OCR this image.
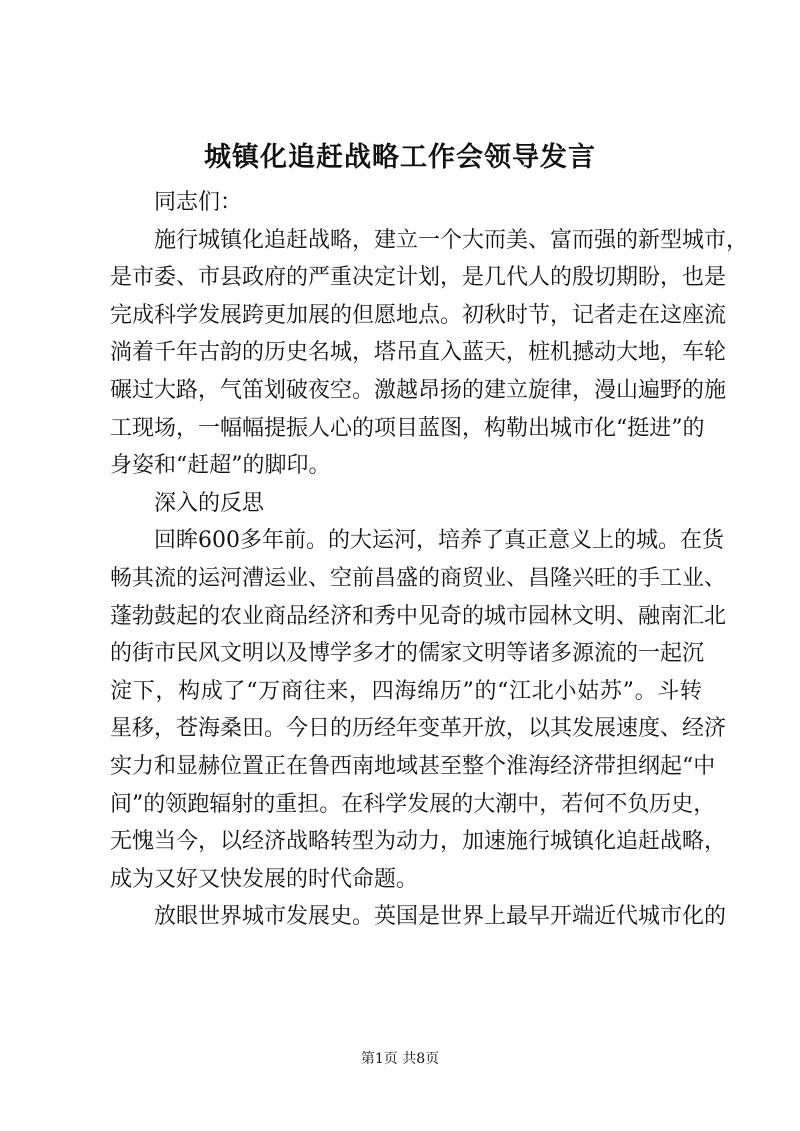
城镇化追赶战略工作会领导发言
同志们：
施行城镇化追赶战略，建立一个大而美、富而强的新型城市，
是市委、市县政府的严重决定计划，是几代人的殷切期盼，也是
完成科学发展跨更加展的但愿地点。初秋时节，记者走在这座流
淌着千年古韵的历史名城，塔吊直入蓝天，桩机撼动大地，车轮
碾过大路，气笛划破夜空。激越昂扬的建立旋律，漫山遍野的施
工现场，一幅幅提振人心的项目蓝图，构勒出城市化“挺进”的
身姿和“赶超”的脚印。
深入的反思
回眸600多年前。的大运河，培养了真正意义上的城。在货
畅其流的运河漕运业、空前昌盛的商贸业、昌隆兴旺的手工业、
蓬勃鼓起的农业商品经济和秀中见奇的城市园林文明、融南汇北
的街市民风文明以及博学多才的儒家文明等诸多源流的一起沉
淀下，构成了“万商往来，四海绵历”的“江北小姑苏”。斗转
星移，苍海桑田。今日的历经年变革开放，以其发展速度、经济
实力和显赫位置正在鲁西南地域甚至整个淮海经济带担纲起“中
间”的领跑辐射的重担。在科学发展的大潮中，若何不负历史，
无愧当今，以经济战略转型为动力，加速施行城镇化追赶战略，
成为又好又快发展的时代命题。
放眼世界城市发展史。英国是世界上最早开端近代城市化的
第1页 共8页
